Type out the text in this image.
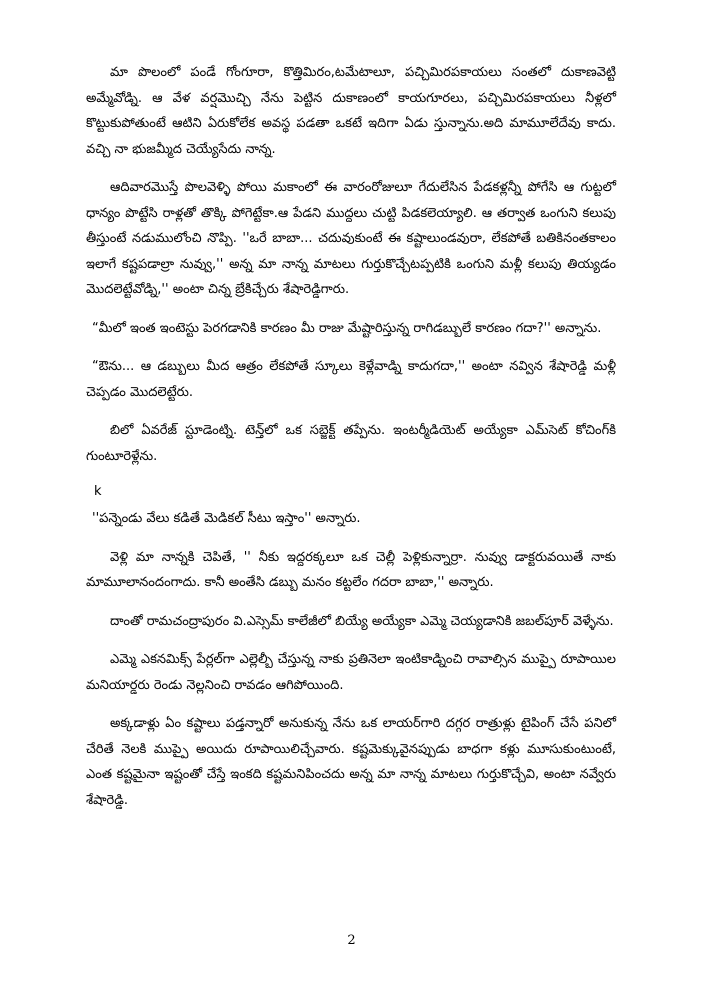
మా పొలంలో పండే గోంగూరా, కొత్తిమిరం,టమేటాలూ, పచ్చిమిరపకాయలు సంతలో దుకాణవెట్టి అమ్మేవోడ్ని. ఆ వేళ వర్షమొచ్చి నేను పెట్టిన దుకాణంలో కాయగూరలు, పచ్చిమిరపకాయలు నీళ్లలో కొట్టుకుపోతుంటే ఆటిని ఏరుకోలేక అవస్థ పడతా ఒకటే ఇదిగా ఏడు స్తున్నాను.అది మామూలేదేవు కాదు. వచ్చి నా భుజమ్మీద చెయ్యేసేదు నాన్న.

ఆదివారమొస్తే పొలవెళ్ళి పోయి మకాంలో ఈ వారంరోజులూ గేదులేసిన పేడకళ్లన్నీ పోగేసి ఆ గుట్టలో ధాన్యం పొట్టేసి రాళ్లతో తొక్కి పోగెట్టేకా.ఆ పేడని ముద్దలు చుట్టి పిడకలెయ్యాలి. ఆ తర్వాత ఒంగుని కలుపు తీస్తుంటే నడుములోంచి నొప్పి. ''ఒరే బాబా... చదువుకుంటే ఈ కష్టాలుండవురా, లేకపోతే బతికినంతకాలం ఇలాగే కష్టపడాల్రా నువ్వు,'' అన్న మా నాన్న మాటలు గుర్తుకొచ్చేటప్పటికి ఒంగుని మళ్లీ కలుపు తియ్యడం మొదలెట్టేవోడ్ని,'' అంటా చిన్న బ్రేకిచ్చేరు శేషారెడ్డిగారు.

“మీలో ఇంత ఇంటెస్టు పెరగడానికి కారణం మీ రాజు మేష్టారిస్తున్న రాగిడబ్బులే కారణం గదా?'' అన్నాను.

“ఔను... ఆ డబ్బులు మీద ఆత్రం లేకపోతే స్కూలు కెళ్లేవాడ్ని కాదుగదా,'' అంటా నవ్విన శేషారెడ్డి మళ్లీ చెప్పడం మొదలెట్టేరు.

బిలో ఏవరేజ్ స్టూడెంట్ని. టెన్త్‌లో ఒక సబ్జెక్ట్ తప్పేను. ఇంటర్మీడియెట్ అయ్యేకా ఎమ్‌సెట్ కోచింగ్‌కి గుంటూరెళ్లేను.

k

''పన్నెండు వేలు కడితే మెడికల్ సీటు ఇస్తాం'' అన్నారు.

వెళ్లి మా నాన్నకి చెపితే, '' నీకు ఇద్దరక్కలూ ఒక చెల్లీ పెళ్లికున్నార్రా. నువ్వు డాక్టరువయితే నాకు మామూలానందంగాదు. కానీ అంతేసి డబ్బు మనం కట్టలేం గదరా బాబా,'' అన్నారు.

దాంతో రామచంద్రాపురం వి.ఎస్సెమ్ కాలేజీలో బియ్యే అయ్యేకా ఎమ్మె చెయ్యడానికి జబల్‌పూర్ వెళ్ళేను.

ఎమ్మె ఎకనమిక్స్ పేర్లల్‌గా ఎల్లెల్బీ చేస్తున్న నాకు ప్రతినెలా ఇంటికాడ్నించి రావాల్సిన ముప్పై రూపాయిల మనియార్డరు రెండు నెల్లనించి రావడం ఆగిపోయింది.

అక్కడాళ్లు ఏం కష్టాలు పడ్తన్నారో అనుకున్న నేను ఒక లాయర్‌గారి దగ్గర రాత్రుళ్లు టైపింగ్ చేసే పనిలో చేరితే నెలకి ముప్పై అయిదు రూపాయిలిచ్చేవారు. కష్టమెక్కువైనప్పుడు బాధగా కళ్లు మూసుకుంటుంటే, ఎంత కష్టమైనా ఇష్టంతో చేస్తే ఇంకది కష్టమనిపించదు అన్న మా నాన్న మాటలు గుర్తుకొచ్చేవి, అంటా నవ్వేరు శేషారెడ్డి.

2
